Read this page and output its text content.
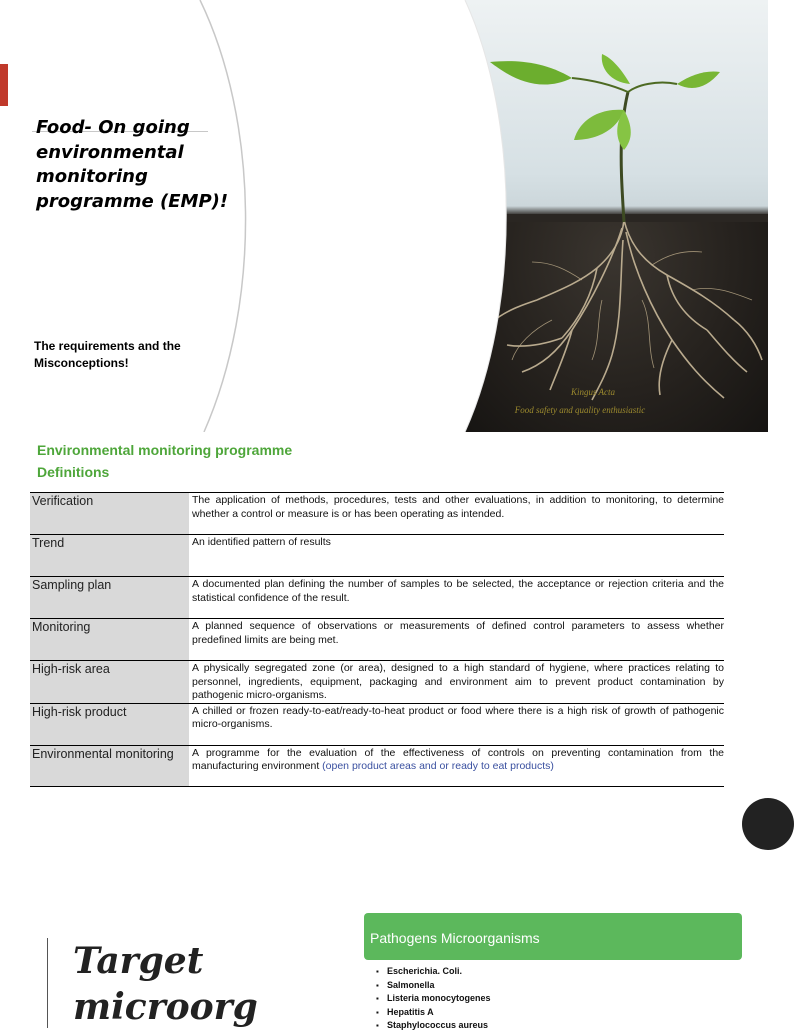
Kingus Acta
Food safety and quality enthusiastic
Food- On going environmental monitoring programme (EMP)!

The requirements and the Misconceptions!

Environmental monitoring programme
Definitions
Verification	The application of methods, procedures, tests and other evaluations, in addition to monitoring, to determine whether a control or measure is or has been operating as intended.
Trend	An identified pattern of results
Sampling plan	A documented plan defining the number of samples to be selected, the acceptance or rejection criteria and the statistical confidence of the result.
Monitoring	A planned sequence of observations or measurements of defined control parameters to assess whether predefined limits are being met.
High-risk area	A physically segregated zone (or area), designed to a high standard of hygiene, where practices relating to personnel, ingredients, equipment, packaging and environment aim to prevent product contamination by pathogenic micro-organisms.
High-risk product	A chilled or frozen ready-to-eat/ready-to-heat product or food where there is a high risk of growth of pathogenic micro-organisms.
Environmental monitoring	A programme for the evaluation of the effectiveness of controls on preventing contamination from the manufacturing environment (open product areas and or ready to eat products)
Target microorg
Pathogens Microorganisms
▪ Escherichia. Coli.
▪ Salmonella
▪ Listeria monocytogenes
▪ Hepatitis A
▪ Staphylococcus aureus
